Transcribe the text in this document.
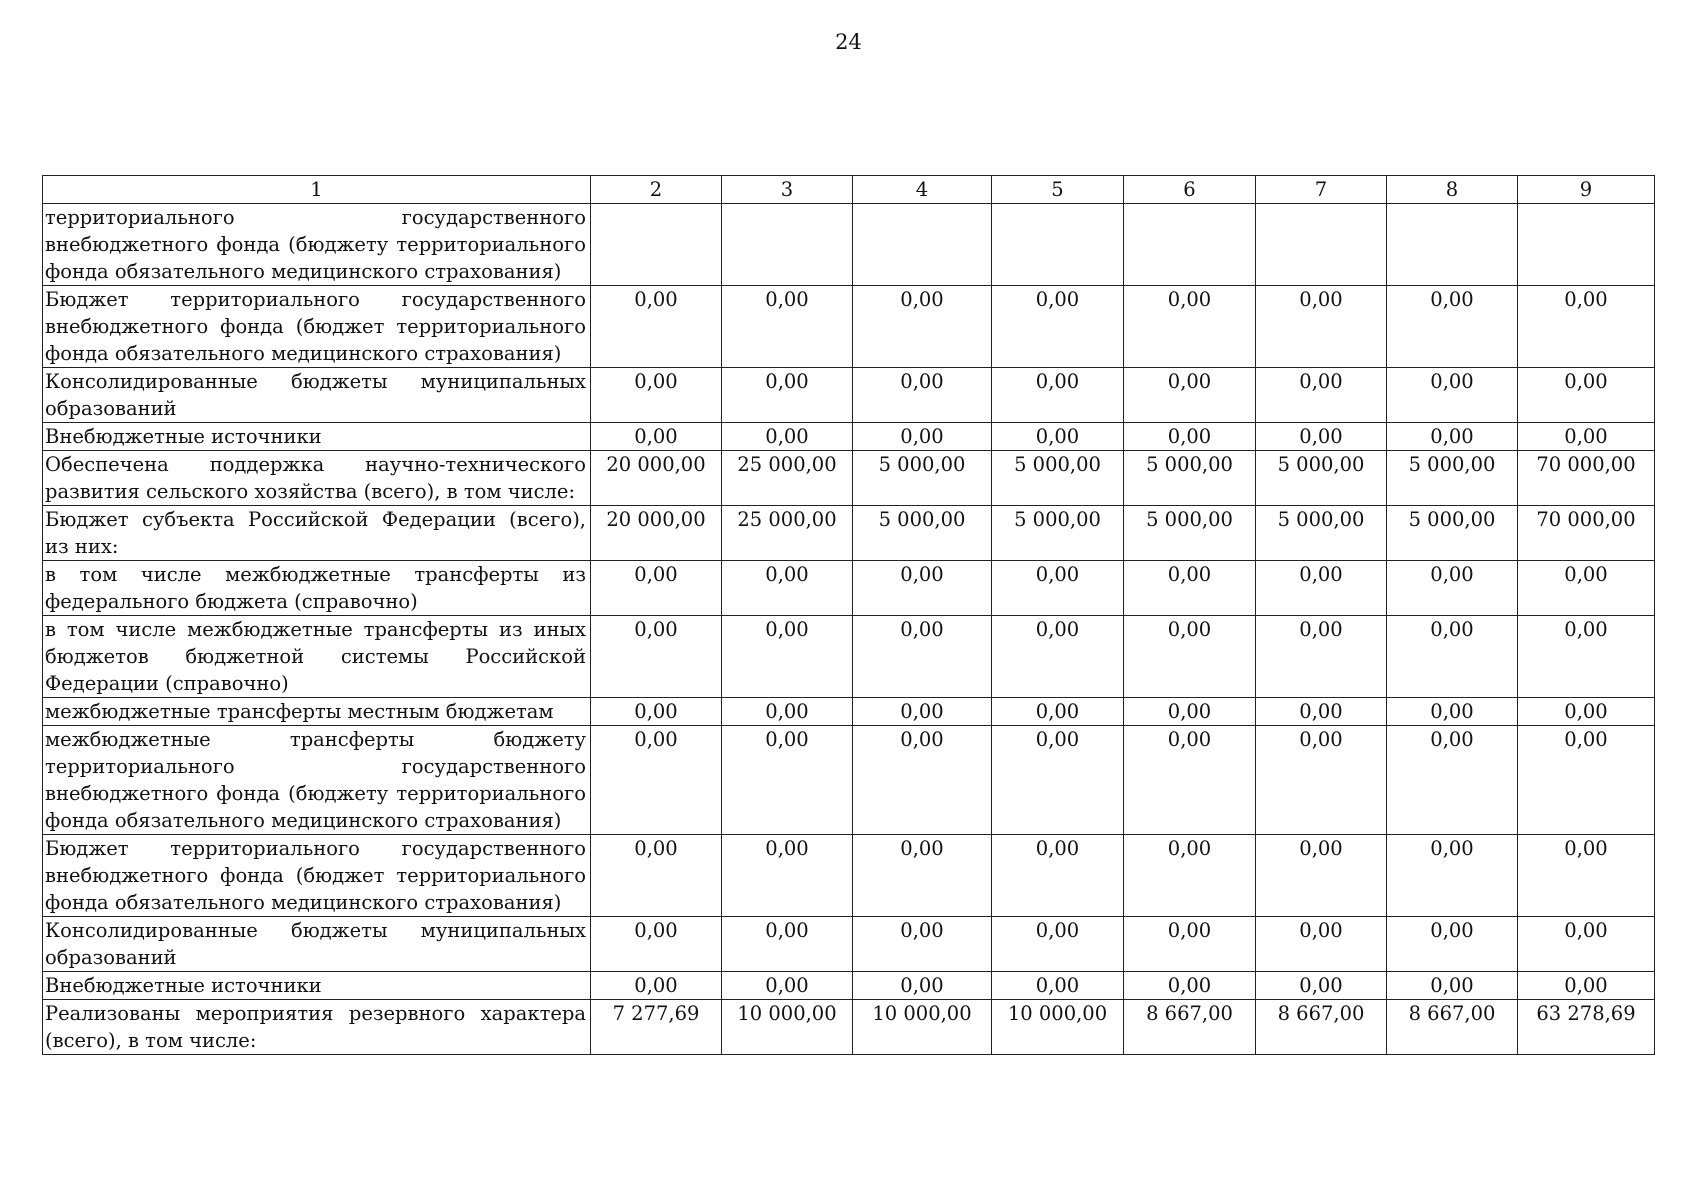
24
1	2	3	4	5	6	7	8	9
территориального государственного внебюджетного фонда (бюджету территориального фонда обязательного медицинского страхования)								
Бюджет территориального государственного внебюджетного фонда (бюджет территориального фонда обязательного медицинского страхования)	0,00	0,00	0,00	0,00	0,00	0,00	0,00	0,00
Консолидированные бюджеты муниципальных образований	0,00	0,00	0,00	0,00	0,00	0,00	0,00	0,00
Внебюджетные источники	0,00	0,00	0,00	0,00	0,00	0,00	0,00	0,00
Обеспечена поддержка научно-технического развития сельского хозяйства (всего), в том числе:	20 000,00	25 000,00	5 000,00	5 000,00	5 000,00	5 000,00	5 000,00	70 000,00
Бюджет субъекта Российской Федерации (всего), из них:	20 000,00	25 000,00	5 000,00	5 000,00	5 000,00	5 000,00	5 000,00	70 000,00
в том числе межбюджетные трансферты из федерального бюджета (справочно)	0,00	0,00	0,00	0,00	0,00	0,00	0,00	0,00
в том числе межбюджетные трансферты из иных бюджетов бюджетной системы Российской Федерации (справочно)	0,00	0,00	0,00	0,00	0,00	0,00	0,00	0,00
межбюджетные трансферты местным бюджетам	0,00	0,00	0,00	0,00	0,00	0,00	0,00	0,00
межбюджетные трансферты бюджету территориального государственного внебюджетного фонда (бюджету территориального фонда обязательного медицинского страхования)	0,00	0,00	0,00	0,00	0,00	0,00	0,00	0,00
Бюджет территориального государственного внебюджетного фонда (бюджет территориального фонда обязательного медицинского страхования)	0,00	0,00	0,00	0,00	0,00	0,00	0,00	0,00
Консолидированные бюджеты муниципальных образований	0,00	0,00	0,00	0,00	0,00	0,00	0,00	0,00
Внебюджетные источники	0,00	0,00	0,00	0,00	0,00	0,00	0,00	0,00
Реализованы мероприятия резервного характера (всего), в том числе:	7 277,69	10 000,00	10 000,00	10 000,00	8 667,00	8 667,00	8 667,00	63 278,69
